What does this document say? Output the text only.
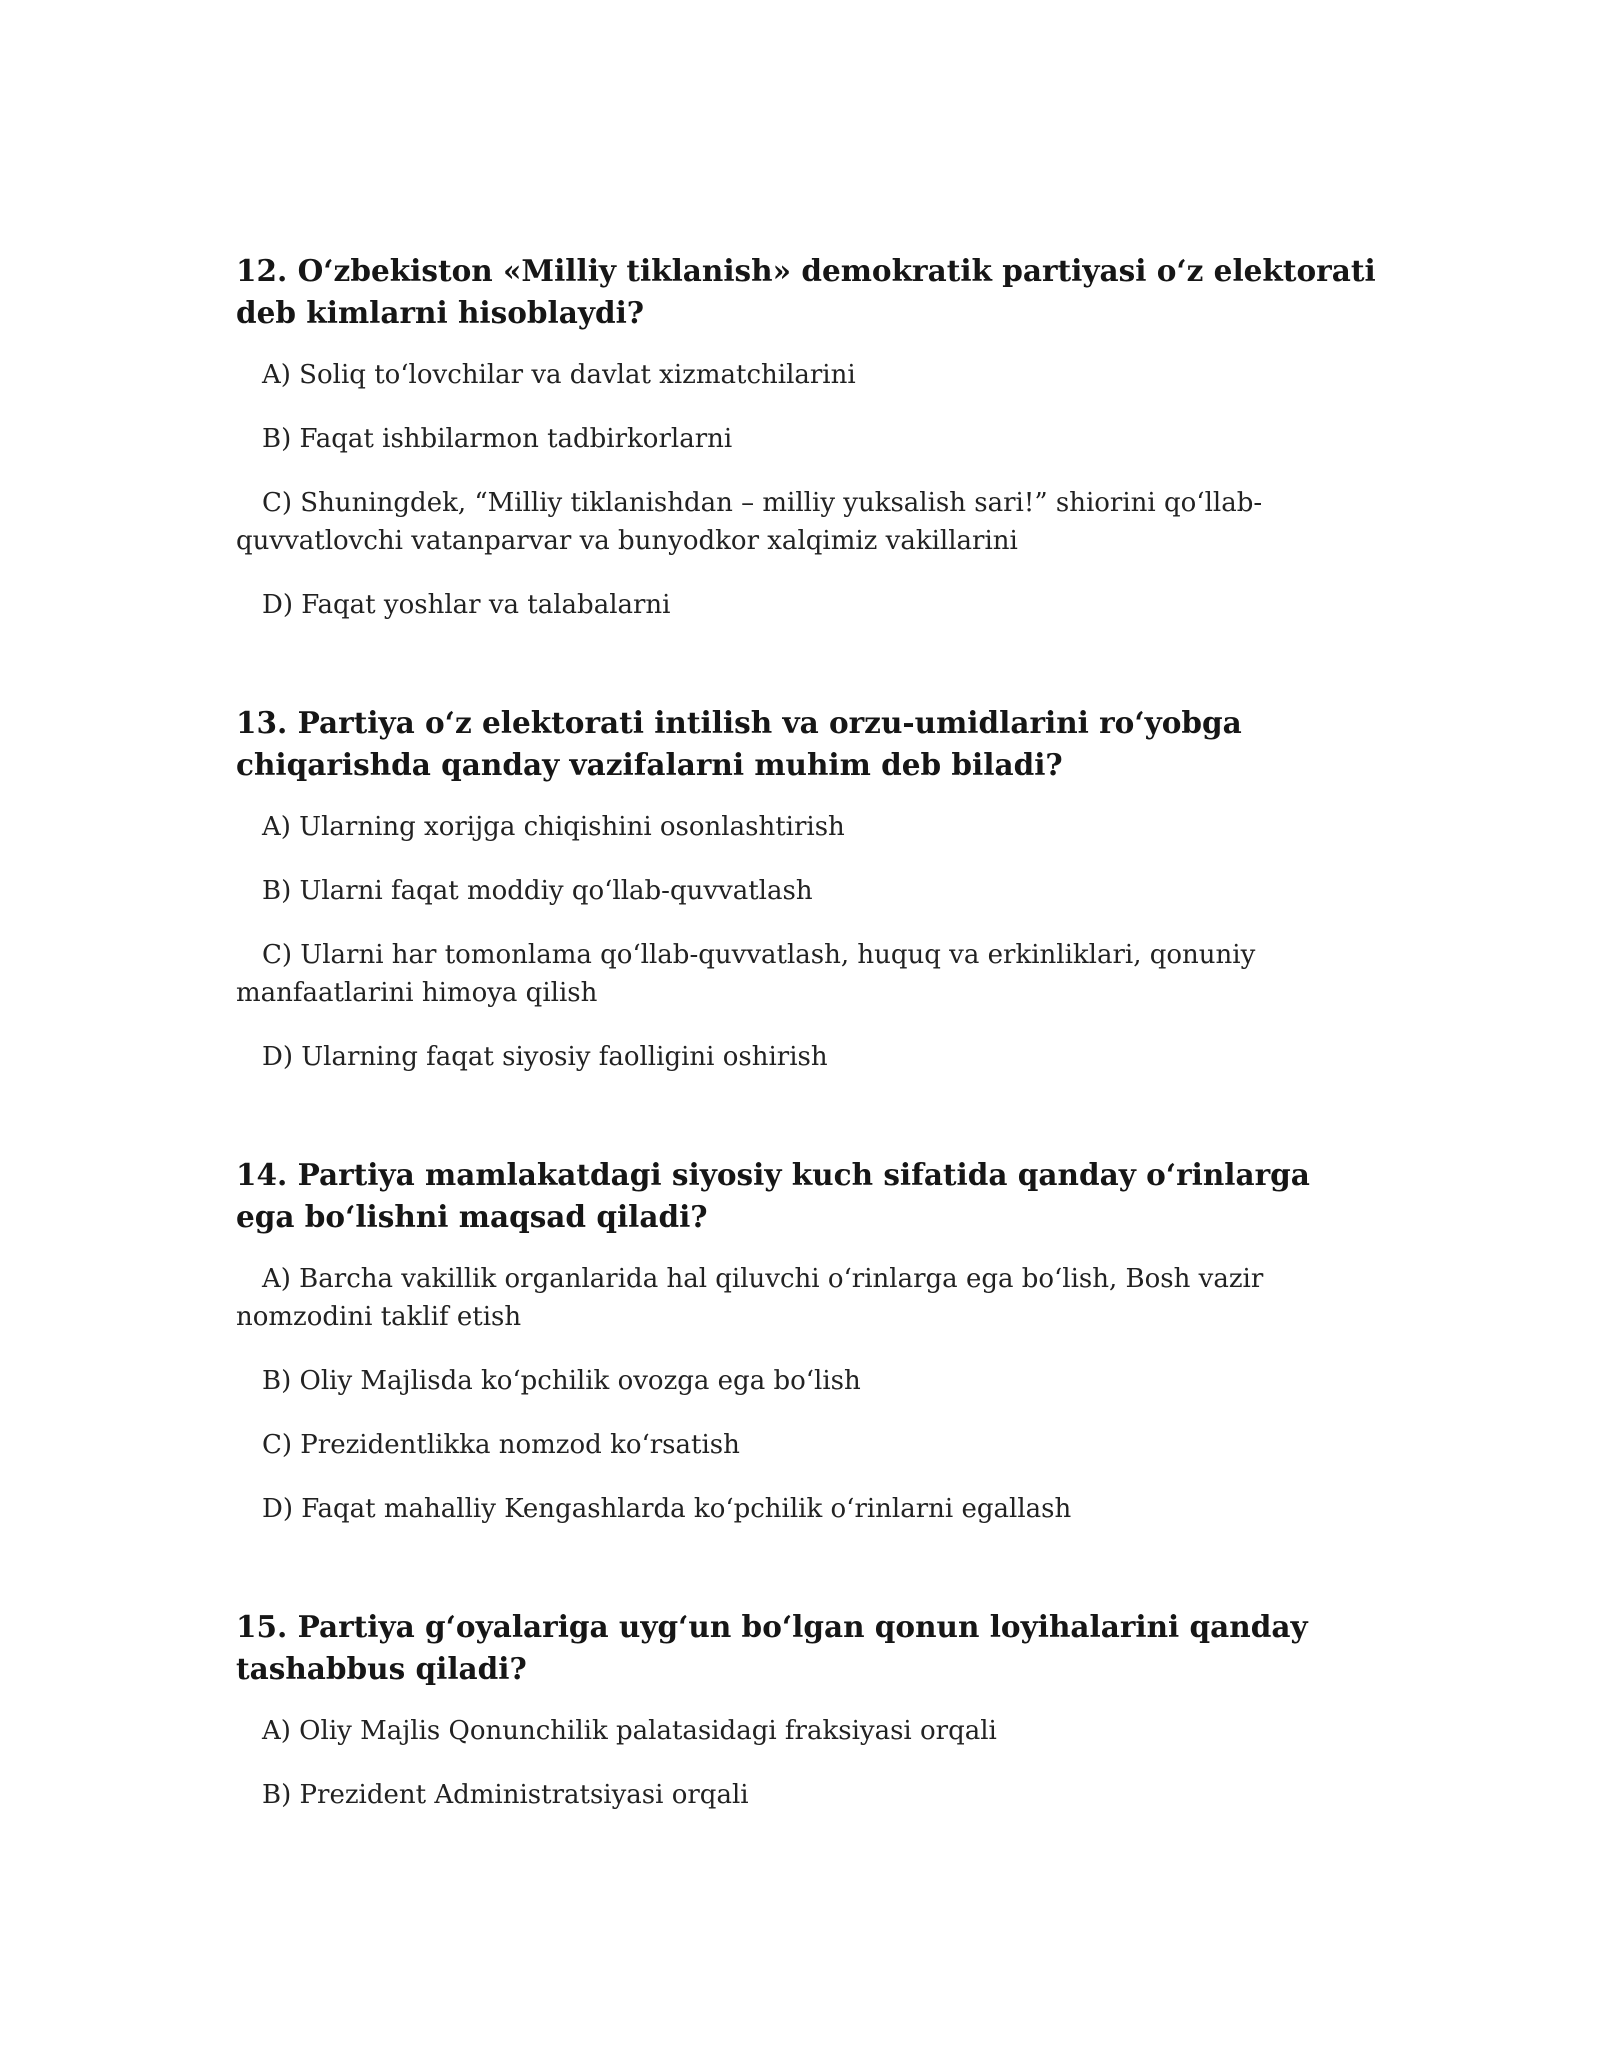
12. O‘zbekiston «Milliy tiklanish» demokratik partiyasi o‘z elektorati deb kimlarni hisoblaydi?

A) Soliq to‘lovchilar va davlat xizmatchilarini

B) Faqat ishbilarmon tadbirkorlarni

C) Shuningdek, “Milliy tiklanishdan – milliy yuksalish sari!” shiorini qo‘llab-quvvatlovchi vatanparvar va bunyodkor xalqimiz vakillarini

D) Faqat yoshlar va talabalarni

13. Partiya o‘z elektorati intilish va orzu-umidlarini ro‘yobga chiqarishda qanday vazifalarni muhim deb biladi?

A) Ularning xorijga chiqishini osonlashtirish

B) Ularni faqat moddiy qo‘llab-quvvatlash

C) Ularni har tomonlama qo‘llab-quvvatlash, huquq va erkinliklari, qonuniy manfaatlarini himoya qilish

D) Ularning faqat siyosiy faolligini oshirish

14. Partiya mamlakatdagi siyosiy kuch sifatida qanday o‘rinlarga ega bo‘lishni maqsad qiladi?

A) Barcha vakillik organlarida hal qiluvchi o‘rinlarga ega bo‘lish, Bosh vazir nomzodini taklif etish

B) Oliy Majlisda ko‘pchilik ovozga ega bo‘lish

C) Prezidentlikka nomzod ko‘rsatish

D) Faqat mahalliy Kengashlarda ko‘pchilik o‘rinlarni egallash

15. Partiya g‘oyalariga uyg‘un bo‘lgan qonun loyihalarini qanday tashabbus qiladi?

A) Oliy Majlis Qonunchilik palatasidagi fraksiyasi orqali

B) Prezident Administratsiyasi orqali
